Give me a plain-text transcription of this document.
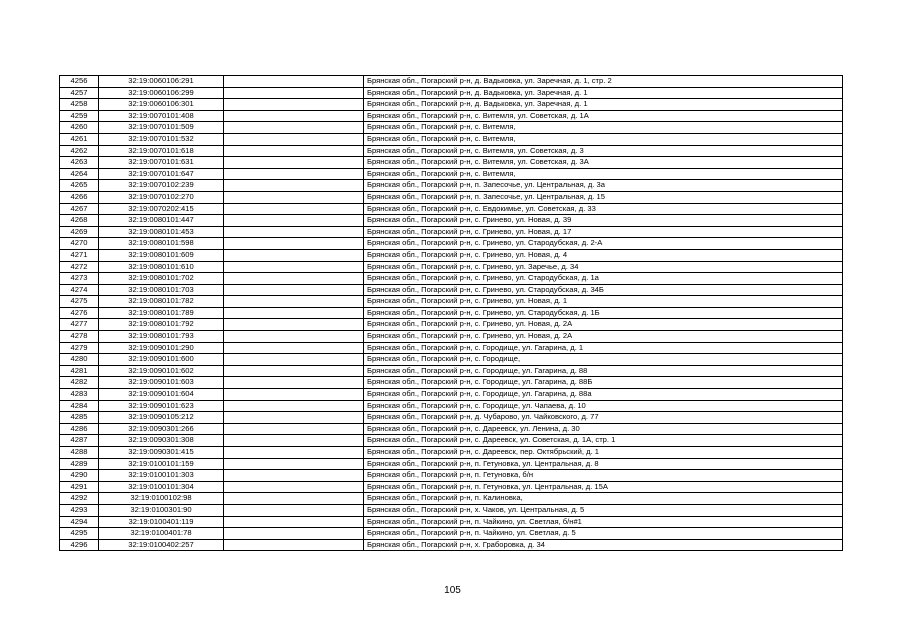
4256	32:19:0060106:291		Брянская обл., Погарский р-н, д. Вадьковка, ул. Заречная, д. 1, стр. 2
4257	32:19:0060106:299		Брянская обл., Погарский р-н, д. Вадьковка, ул. Заречная, д. 1
4258	32:19:0060106:301		Брянская обл., Погарский р-н, д. Вадьковка, ул. Заречная, д. 1
4259	32:19:0070101:408		Брянская обл., Погарский р-н, с. Витемля, ул. Советская, д. 1А
4260	32:19:0070101:509		Брянская обл., Погарский р-н, с. Витемля,
4261	32:19:0070101:532		Брянская обл., Погарский р-н, с. Витемля,
4262	32:19:0070101:618		Брянская обл., Погарский р-н, с. Витемля, ул. Советская, д. 3
4263	32:19:0070101:631		Брянская обл., Погарский р-н, с. Витемля, ул. Советская, д. 3А
4264	32:19:0070101:647		Брянская обл., Погарский р-н, с. Витемля,
4265	32:19:0070102:239		Брянская обл., Погарский р-н, п. Запесочье, ул. Центральная, д. 3а
4266	32:19:0070102:270		Брянская обл., Погарский р-н, п. Запесочье, ул. Центральная, д. 15
4267	32:19:0070202:415		Брянская обл., Погарский р-н, с. Евдокимье, ул. Советская, д. 33
4268	32:19:0080101:447		Брянская обл., Погарский р-н, с. Гринево, ул. Новая, д. 39
4269	32:19:0080101:453		Брянская обл., Погарский р-н, с. Гринево, ул. Новая, д. 17
4270	32:19:0080101:598		Брянская обл., Погарский р-н, с. Гринево, ул. Стародубская, д. 2-А
4271	32:19:0080101:609		Брянская обл., Погарский р-н, с. Гринево, ул. Новая, д. 4
4272	32:19:0080101:610		Брянская обл., Погарский р-н, с. Гринево, ул. Заречье, д. 34
4273	32:19:0080101:702		Брянская обл., Погарский р-н, с. Гринево, ул. Стародубская, д. 1а
4274	32:19:0080101:703		Брянская обл., Погарский р-н, с. Гринево, ул. Стародубская, д. 34Б
4275	32:19:0080101:782		Брянская обл., Погарский р-н, с. Гринево, ул. Новая, д. 1
4276	32:19:0080101:789		Брянская обл., Погарский р-н, с. Гринево, ул. Стародубская, д. 1Б
4277	32:19:0080101:792		Брянская обл., Погарский р-н, с. Гринево, ул. Новая, д. 2А
4278	32:19:0080101:793		Брянская обл., Погарский р-н, с. Гринево, ул. Новая, д. 2А
4279	32:19:0090101:290		Брянская обл., Погарский р-н, с. Городище, ул. Гагарина, д. 1
4280	32:19:0090101:600		Брянская обл., Погарский р-н, с. Городище,
4281	32:19:0090101:602		Брянская обл., Погарский р-н, с. Городище, ул. Гагарина, д. 88
4282	32:19:0090101:603		Брянская обл., Погарский р-н, с. Городище, ул. Гагарина, д. 88Б
4283	32:19:0090101:604		Брянская обл., Погарский р-н, с. Городище, ул. Гагарина, д. 88а
4284	32:19:0090101:623		Брянская обл., Погарский р-н, с. Городище, ул. Чапаева, д. 10
4285	32:19:0090105:212		Брянская обл., Погарский р-н, д. Чубарово, ул. Чайковского, д. 77
4286	32:19:0090301:266		Брянская обл., Погарский р-н, с. Дареевск, ул. Ленина, д. 30
4287	32:19:0090301:308		Брянская обл., Погарский р-н, с. Дареевск, ул. Советская, д. 1А, стр. 1
4288	32:19:0090301:415		Брянская обл., Погарский р-н, с. Дареевск, пер. Октябрьский, д. 1
4289	32:19:0100101:159		Брянская обл., Погарский р-н, п. Гетуновка, ул. Центральная, д. 8
4290	32:19:0100101:303		Брянская обл., Погарский р-н, п. Гетуновка, б/н
4291	32:19:0100101:304		Брянская обл., Погарский р-н, п. Гетуновка, ул. Центральная, д. 15А
4292	32:19:0100102:98		Брянская обл., Погарский р-н, п. Калиновка,
4293	32:19:0100301:90		Брянская обл., Погарский р-н, х. Чаков, ул. Центральная, д. 5
4294	32:19:0100401:119		Брянская обл., Погарский р-н, п. Чайкино, ул. Светлая, б/н#1
4295	32:19:0100401:78		Брянская обл., Погарский р-н, п. Чайкино, ул. Светлая, д. 5
4296	32:19:0100402:257		Брянская обл., Погарский р-н, х. Граборовка, д. 34
105
